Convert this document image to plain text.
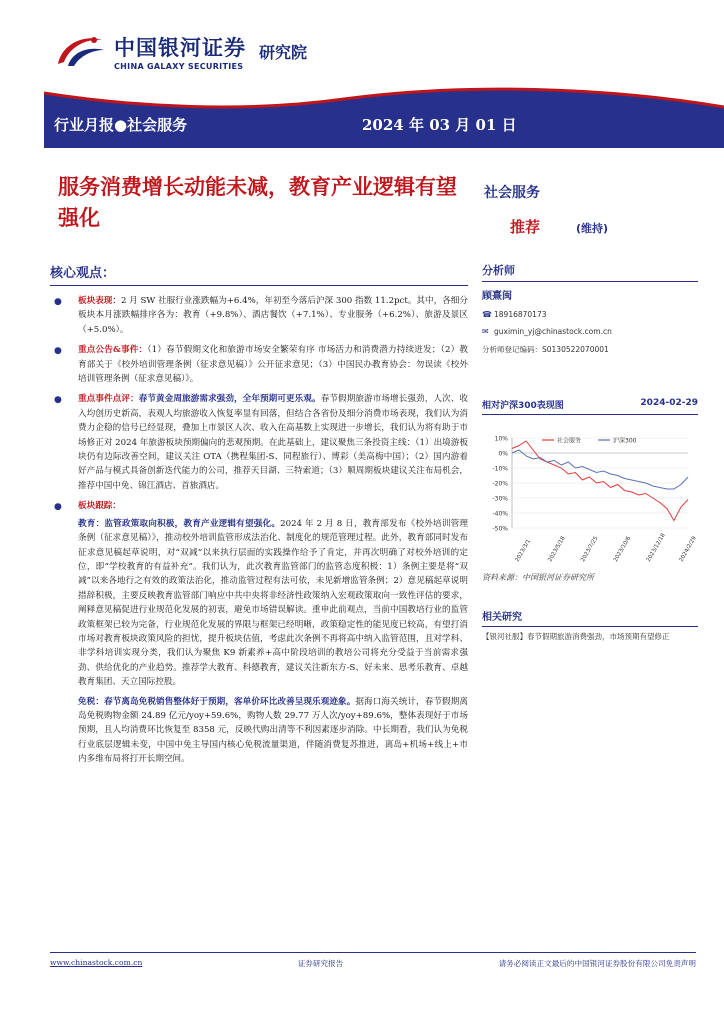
中国银河证券
CHINA GALAXY SECURITIES
研究院
行业月报●社会服务	2024 年 03 月 01 日
服务消费增长动能未减，教育产业逻辑有望强化
社会服务
推荐	(维持)
核心观点：
● 板块表现：2 月 SW 社服行业涨跌幅为+6.4%，年初至今落后沪深 300 指数 11.2pct。其中，各细分板块本月涨跌幅排序各为：教育（+9.8%）、酒店餐饮（+7.1%）、专业服务（+6.2%）、旅游及景区（+5.0%）。
● 重点公告&事件：（1）春节假期文化和旅游市场安全繁荣有序 市场活力和消费潜力持续迸发；（2）教育部关于《校外培训管理条例（征求意见稿）》公开征求意见；（3）中国民办教育协会：勿误读《校外培训管理条例（征求意见稿）》。
● 重点事件点评：春节黄金周旅游需求强劲，全年预期可更乐观。春节假期旅游市场增长强劲，人次、收入均创历史新高，表观人均旅游收入恢复率显有回落，但结合各省份及细分消费市场表现，我们认为消费力企稳的信号已经显现，叠加上市景区人次、收入在高基数上实现进一步增长，我们认为将有助于市场修正对 2024 年旅游板块预期偏向的悲观预期。在此基础上，建议聚焦三条投资主线：（1）出境游板块仍有边际改善空间，建议关注 OTA（携程集团-S、同程旅行）、博彩（美高梅中国）；（2）国内游着好产品与模式具备创新迭代能力的公司，推荐天目湖、三特索道；（3）顺周期板块建议关注布局机会，推荐中国中免、锦江酒店、首旅酒店。
● 板块跟踪：
教育：监管政策取向积极，教育产业逻辑有望强化。2024 年 2 月 8 日，教育部发布《校外培训管理条例（征求意见稿）》，推动校外培训监管形成法治化、制度化的规范管理过程。此外，教育部同时发布征求意见稿起草说明，对“双减”以来执行层面的实践操作给予了肯定，并再次明确了对校外培训的定位，即“学校教育的有益补充”。我们认为，此次教育监管部门的监管态度积极：1）条例主要是将“双减”以来各地行之有效的政策法治化，推动监管过程有法可依，未见新增监管条例；2）意见稿起草说明措辞积极，主要反映教育监管部门响应中共中央将非经济性政策纳入宏观政策取向一致性评估的要求，阐释意见稿促进行业规范化发展的初衷，避免市场错误解读。重申此前观点，当前中国教培行业的监管政策框架已较为完备，行业规范化发展的界限与框架已经明晰，政策稳定性的能见度已较高，有望打消市场对教育板块政策风险的担忧，提升板块估值，考虑此次条例不再将高中纳入监管范围，且对学科、非学科培训实现分类，我们认为聚焦 K9 新素养+高中阶段培训的教培公司将充分受益于当前需求强劲、供给优化的产业趋势。推荐学大教育、科德教育，建议关注新东方-S、好未来、思考乐教育、卓越教育集团、天立国际控股。
免税：春节离岛免税销售整体好于预期，客单价环比改善呈现乐观迹象。据海口海关统计，春节假期离岛免税购物金额 24.89 亿元/yoy+59.6%，购物人数 29.77 万人次/yoy+89.6%，整体表现好于市场预期，且人均消费环比恢复至 8358 元，反映代购出清等不利因素逐步消除。中长期看，我们认为免税行业底层逻辑未变，中国中免主导国内核心免税流量渠道，伴随消费复苏推进，离岛+机场+线上+市内多维布局将打开长期空间。
分析师
顾熹闽
☎ 18916870173
✉ guximin_yj@chinastock.com.cn
分析师登记编码：S0130522070001
相对沪深300表现图	2024-02-29
10%
0%
-10%
-20%
-30%
-40%
-50%
2023/3/1	2023/5/18 2023/7/25 2023/10/6 2023/12/18 2024/2/29
社会服务	沪深300
资料来源：中国银河证券研究所
相关研究
【银河社服】春节假期旅游消费强劲，市场预期有望修正
www.chinastock.com.cn	证券研究报告	请务必阅读正文最后的中国银河证券股份有限公司免责声明
